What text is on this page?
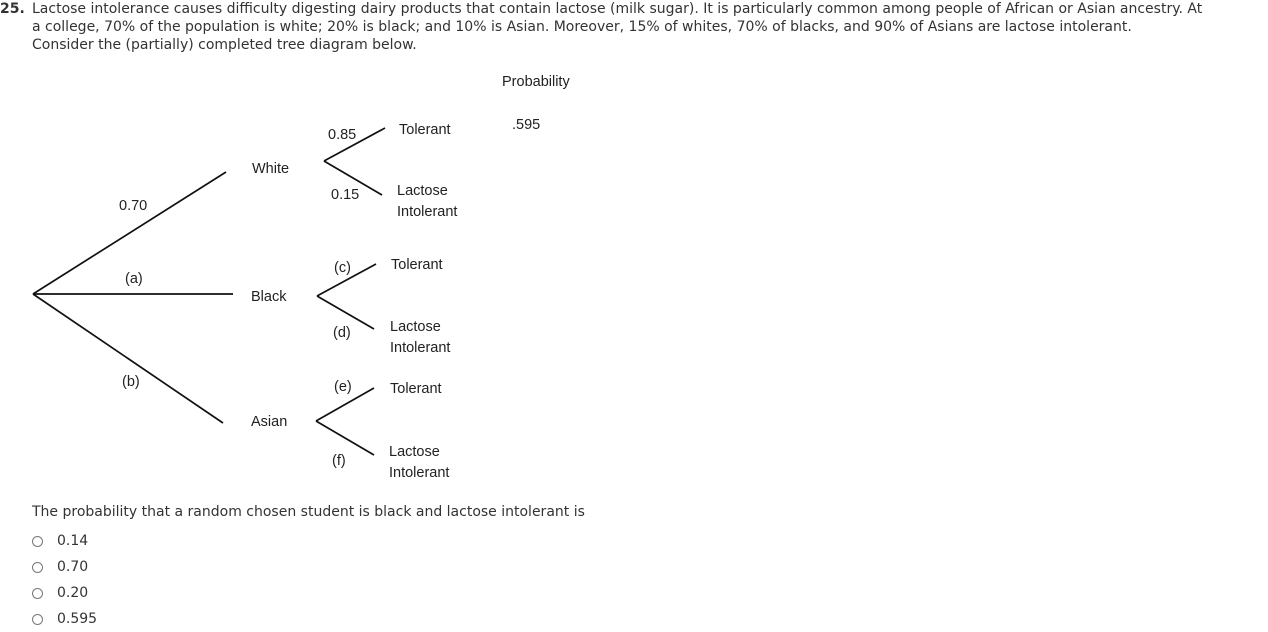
25. Lactose intolerance causes difficulty digesting dairy products that contain lactose (milk sugar). It is particularly common among people of African or Asian ancestry. At

a college, 70% of the population is white; 20% is black; and 10% is Asian. Moreover, 15% of whites, 70% of blacks, and 90% of Asians are lactose intolerant.

Consider the (partially) completed tree diagram below.

Probability
0.70
(a)
(b)
White
Black
Asian
0.85
0.15
Tolerant
Lactose
Intolerant
.595
(c)
(d)
Tolerant
Lactose
Intolerant
(e)
(f)
Tolerant
Lactose
Intolerant

The probability that a random chosen student is black and lactose intolerant is

0.14
0.70
0.20
0.595
